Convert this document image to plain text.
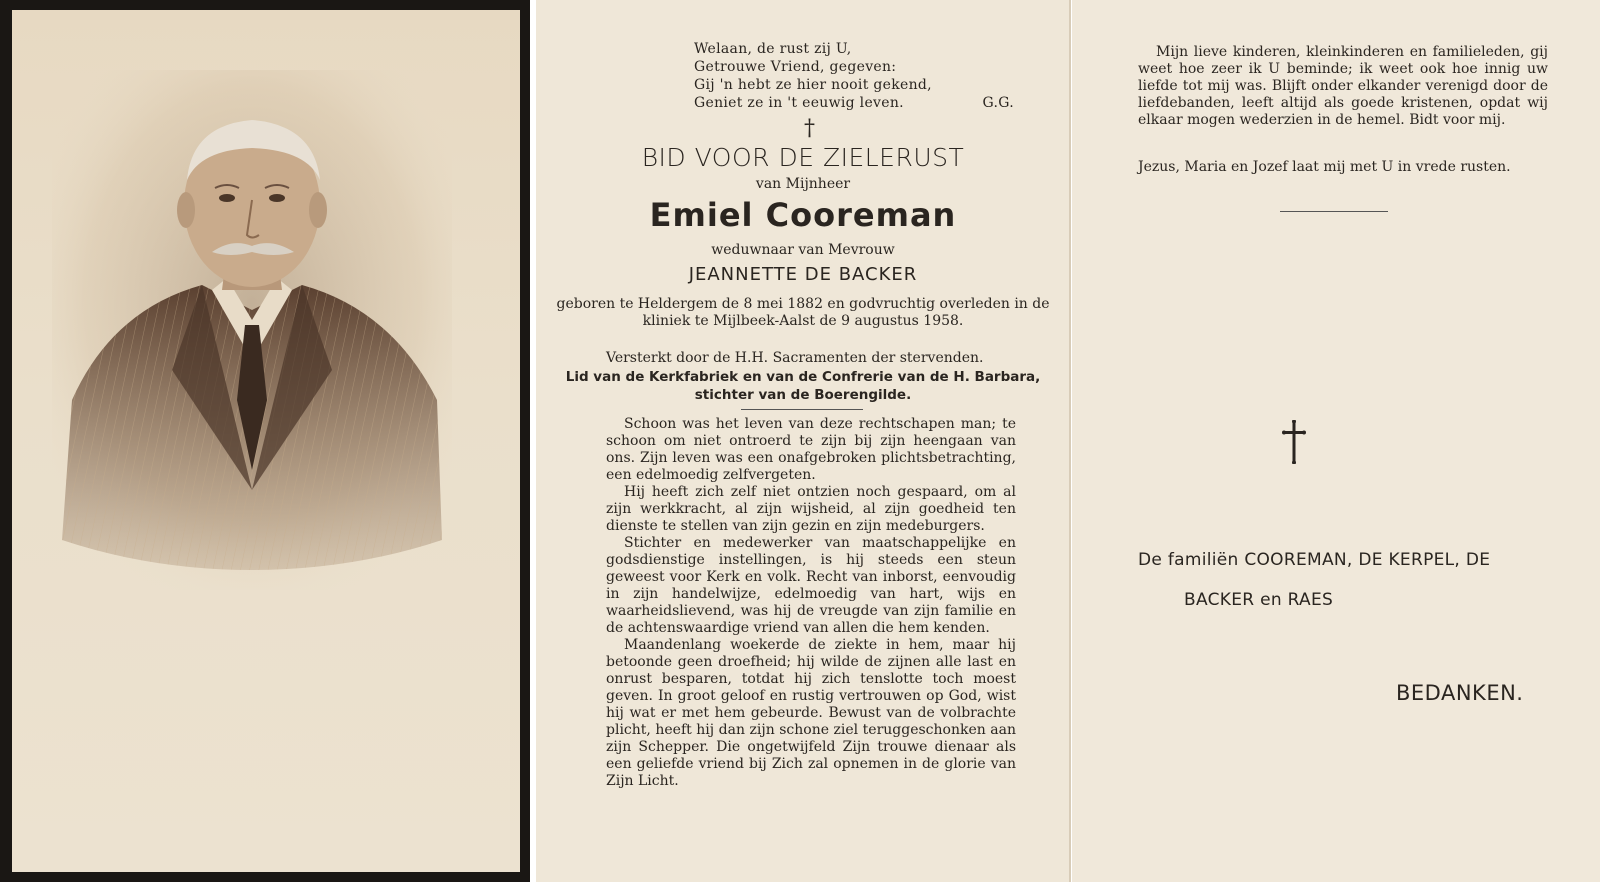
Welaan, de rust zij U,
Getrouwe Vriend, gegeven:
Gij 'n hebt ze hier nooit gekend,
Geniet ze in 't eeuwig leven.	G.G.
†
BID VOOR DE ZIELERUST
van Mijnheer
Emiel Cooreman
weduwnaar van Mevrouw
JEANNETTE DE BACKER
geboren te Heldergem de 8 mei 1882 en godvruchtig overleden in de kliniek te Mijlbeek-Aalst de 9 augustus 1958.
Versterkt door de H.H. Sacramenten der stervenden.
Lid van de Kerkfabriek en van de Confrerie van de H. Barbara, stichter van de Boerengilde.

Schoon was het leven van deze rechtschapen man; te schoon om niet ontroerd te zijn bij zijn heengaan van ons. Zijn leven was een onafgebroken plichtsbetrachting, een edelmoedig zelfvergeten.

Hij heeft zich zelf niet ontzien noch gespaard, om al zijn werkkracht, al zijn wijsheid, al zijn goedheid ten dienste te stellen van zijn gezin en zijn medeburgers.

Stichter en medewerker van maatschappelijke en godsdienstige instellingen, is hij steeds een steun geweest voor Kerk en volk. Recht van inborst, eenvoudig in zijn handelwijze, edelmoedig van hart, wijs en waarheidslievend, was hij de vreugde van zijn familie en de achtenswaardige vriend van allen die hem kenden.

Maandenlang woekerde de ziekte in hem, maar hij betoonde geen droefheid; hij wilde de zijnen alle last en onrust besparen, totdat hij zich tenslotte toch moest geven. In groot geloof en rustig vertrouwen op God, wist hij wat er met hem gebeurde. Bewust van de volbrachte plicht, heeft hij dan zijn schone ziel teruggeschonken aan zijn Schepper. Die ongetwijfeld Zijn trouwe dienaar als een geliefde vriend bij Zich zal opnemen in de glorie van Zijn Licht.

Mijn lieve kinderen, kleinkinderen en familieleden, gij weet hoe zeer ik U beminde; ik weet ook hoe innig uw liefde tot mij was. Blijft onder elkander verenigd door de liefdebanden, leeft altijd als goede kristenen, opdat wij elkaar mogen wederzien in de hemel. Bidt voor mij.

Jezus, Maria en Jozef laat mij met U in vrede rusten.
De familiën COOREMAN, DE KERPEL, DE
BACKER en RAES
BEDANKEN.
